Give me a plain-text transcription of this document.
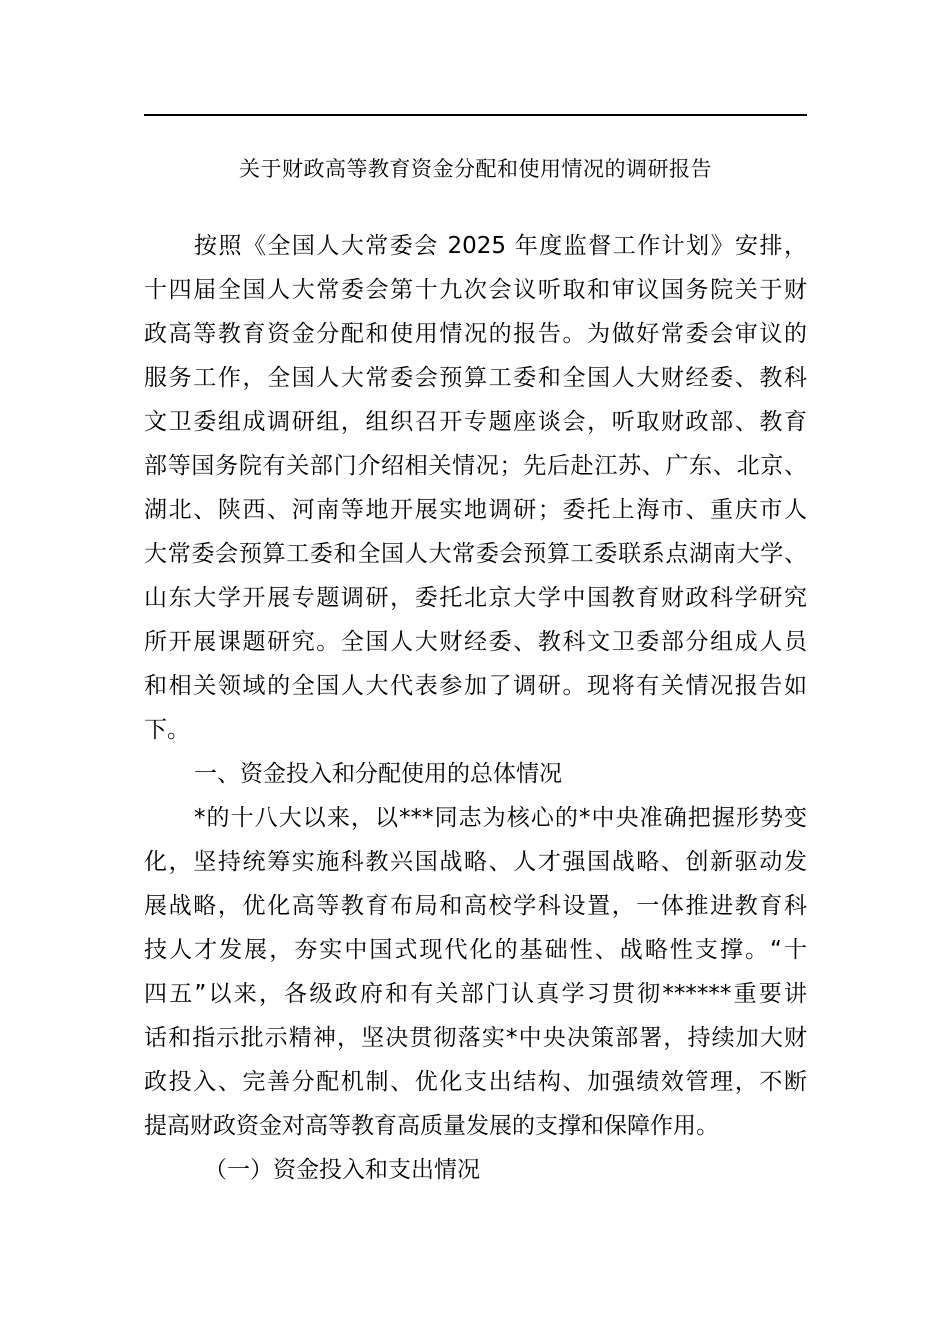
关于财政高等教育资金分配和使用情况的调研报告
按照《全国人大常委会 2025 年度监督工作计划》安排，
十四届全国人大常委会第十九次会议听取和审议国务院关于财
政高等教育资金分配和使用情况的报告。为做好常委会审议的
服务工作，全国人大常委会预算工委和全国人大财经委、教科
文卫委组成调研组，组织召开专题座谈会，听取财政部、教育
部等国务院有关部门介绍相关情况；先后赴江苏、广东、北京、
湖北、陕西、河南等地开展实地调研；委托上海市、重庆市人
大常委会预算工委和全国人大常委会预算工委联系点湖南大学、
山东大学开展专题调研，委托北京大学中国教育财政科学研究
所开展课题研究。全国人大财经委、教科文卫委部分组成人员
和相关领域的全国人大代表参加了调研。现将有关情况报告如
下。
一、资金投入和分配使用的总体情况
*的十八大以来，以***同志为核心的*中央准确把握形势变
化，坚持统筹实施科教兴国战略、人才强国战略、创新驱动发
展战略，优化高等教育布局和高校学科设置，一体推进教育科
技人才发展，夯实中国式现代化的基础性、战略性支撑。“十
四五”以来，各级政府和有关部门认真学习贯彻******重要讲
话和指示批示精神，坚决贯彻落实*中央决策部署，持续加大财
政投入、完善分配机制、优化支出结构、加强绩效管理，不断
提高财政资金对高等教育高质量发展的支撑和保障作用。
（一）资金投入和支出情况
